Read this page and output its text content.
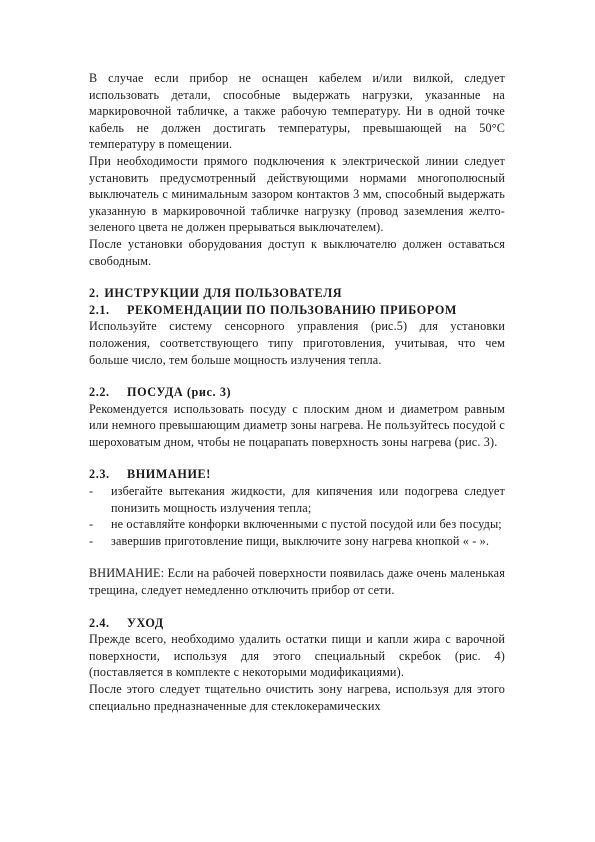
В случае если прибор не оснащен кабелем и/или вилкой, следует использовать детали, способные выдержать нагрузки, указанные на маркировочной табличке, а также рабочую температуру. Ни в одной точке кабель не должен достигать температуры, превышающей на 50°C температуру в помещении.

При необходимости прямого подключения к электрической линии следует установить предусмотренный действующими нормами многополюсный выключатель с минимальным зазором контактов 3 мм, способный выдержать указанную в маркировочной табличке нагрузку (провод заземления желто-зеленого цвета не должен прерываться выключателем).

После установки оборудования доступ к выключателю должен оставаться свободным.

2. ИНСТРУКЦИИ ДЛЯ ПОЛЬЗОВАТЕЛЯ
2.1. РЕКОМЕНДАЦИИ ПО ПОЛЬЗОВАНИЮ ПРИБОРОМ

Используйте систему сенсорного управления (рис.5) для установки положения, соответствующего типу приготовления, учитывая, что чем больше число, тем больше мощность излучения тепла.

2.2. ПОСУДА (рис. 3)

Рекомендуется использовать посуду с плоским дном и диаметром равным или немного превышающим диаметр зоны нагрева. Не пользуйтесь посудой с шероховатым дном, чтобы не поцарапать поверхность зоны нагрева (рис. 3).

2.3. ВНИМАНИЕ!
- избегайте вытекания жидкости, для кипячения или подогрева следует понизить мощность излучения тепла;
- не оставляйте конфорки включенными с пустой посудой или без посуды;
- завершив приготовление пищи, выключите зону нагрева кнопкой « - ».

ВНИМАНИЕ: Если на рабочей поверхности появилась даже очень маленькая трещина, следует немедленно отключить прибор от сети.

2.4. УХОД

Прежде всего, необходимо удалить остатки пищи и капли жира с варочной поверхности, используя для этого специальный скребок (рис. 4) (поставляется в комплекте с некоторыми модификациями).

После этого следует тщательно очистить зону нагрева, используя для этого специально предназначенные для стеклокерамических
